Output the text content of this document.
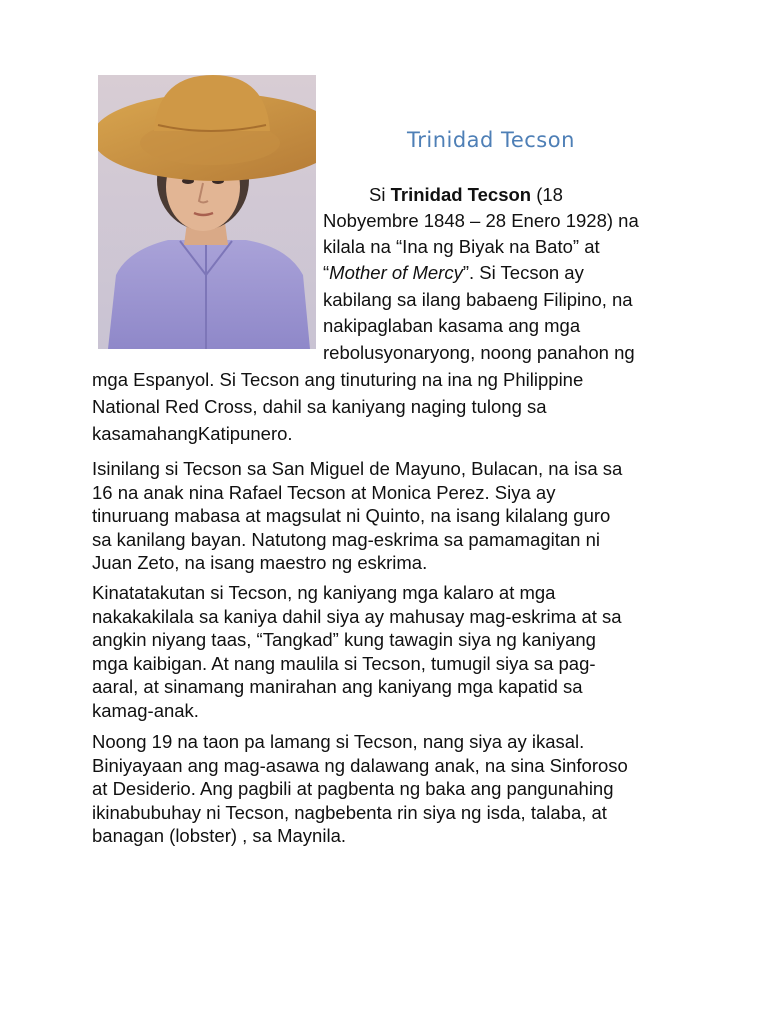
Trinidad Tecson
Si Trinidad Tecson (18
Nobyembre 1848 – 28 Enero 1928) na
kilala na “Ina ng Biyak na Bato” at
“Mother of Mercy”. Si Tecson ay
kabilang sa ilang babaeng Filipino, na
nakipaglaban kasama ang mga
rebolusyonaryong, noong panahon ng
mga Espanyol. Si Tecson ang tinuturing na ina ng Philippine
National Red Cross, dahil sa kaniyang naging tulong sa
kasamahangKatipunero.
Isinilang si Tecson sa San Miguel de Mayuno, Bulacan, na isa sa
16 na anak nina Rafael Tecson at Monica Perez. Siya ay
tinuruang mabasa at magsulat ni Quinto, na isang kilalang guro
sa kanilang bayan. Natutong mag-eskrima sa pamamagitan ni
Juan Zeto, na isang maestro ng eskrima.
Kinatatakutan si Tecson, ng kaniyang mga kalaro at mga
nakakakilala sa kaniya dahil siya ay mahusay mag-eskrima at sa
angkin niyang taas, “Tangkad” kung tawagin siya ng kaniyang
mga kaibigan. At nang maulila si Tecson, tumugil siya sa pag-
aaral, at sinamang manirahan ang kaniyang mga kapatid sa
kamag-anak.
Noong 19 na taon pa lamang si Tecson, nang siya ay ikasal.
Biniyayaan ang mag-asawa ng dalawang anak, na sina Sinforoso
at Desiderio. Ang pagbili at pagbenta ng baka ang pangunahing
ikinabubuhay ni Tecson, nagbebenta rin siya ng isda, talaba, at
banagan (lobster) , sa Maynila.
